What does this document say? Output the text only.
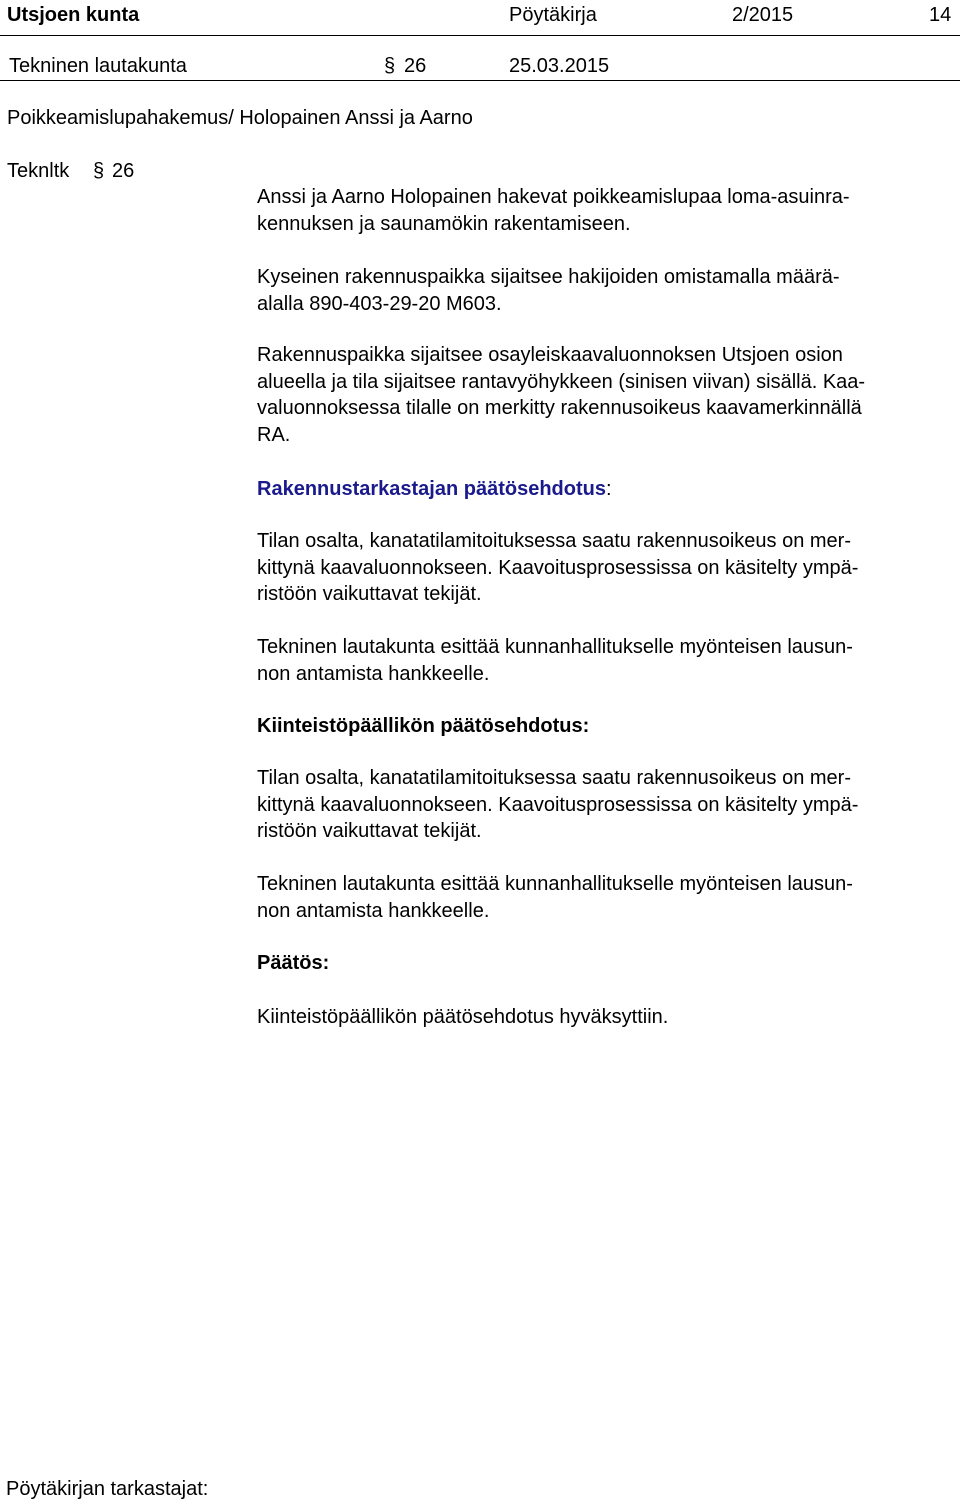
Utsjoen kunta	Pöytäkirja	2/2015	14
Tekninen lautakunta	§ 26	25.03.2015
Poikkeamislupahakemus/ Holopainen Anssi ja Aarno
Teknltk § 26
Anssi ja Aarno Holopainen hakevat poikkeamislupaa loma-asuinra-
kennuksen ja saunamökin rakentamiseen.
Kyseinen rakennuspaikka sijaitsee hakijoiden omistamalla määrä-
alalla 890-403-29-20 M603.
Rakennuspaikka sijaitsee osayleiskaavaluonnoksen Utsjoen osion
alueella ja tila sijaitsee rantavyöhykkeen (sinisen viivan) sisällä. Kaa-
valuonnoksessa tilalle on merkitty rakennusoikeus kaavamerkinnällä
RA.
Rakennustarkastajan päätösehdotus:
Tilan osalta, kanatatilamitoituksessa saatu rakennusoikeus on mer-
kittynä kaavaluonnokseen. Kaavoitusprosessissa on käsitelty ympä-
ristöön vaikuttavat tekijät.
Tekninen lautakunta esittää kunnanhallitukselle myönteisen lausun-
non antamista hankkeelle.
Kiinteistöpäällikön päätösehdotus:
Tilan osalta, kanatatilamitoituksessa saatu rakennusoikeus on mer-
kittynä kaavaluonnokseen. Kaavoitusprosessissa on käsitelty ympä-
ristöön vaikuttavat tekijät.
Tekninen lautakunta esittää kunnanhallitukselle myönteisen lausun-
non antamista hankkeelle.
Päätös:
Kiinteistöpäällikön päätösehdotus hyväksyttiin.
Pöytäkirjan tarkastajat:
